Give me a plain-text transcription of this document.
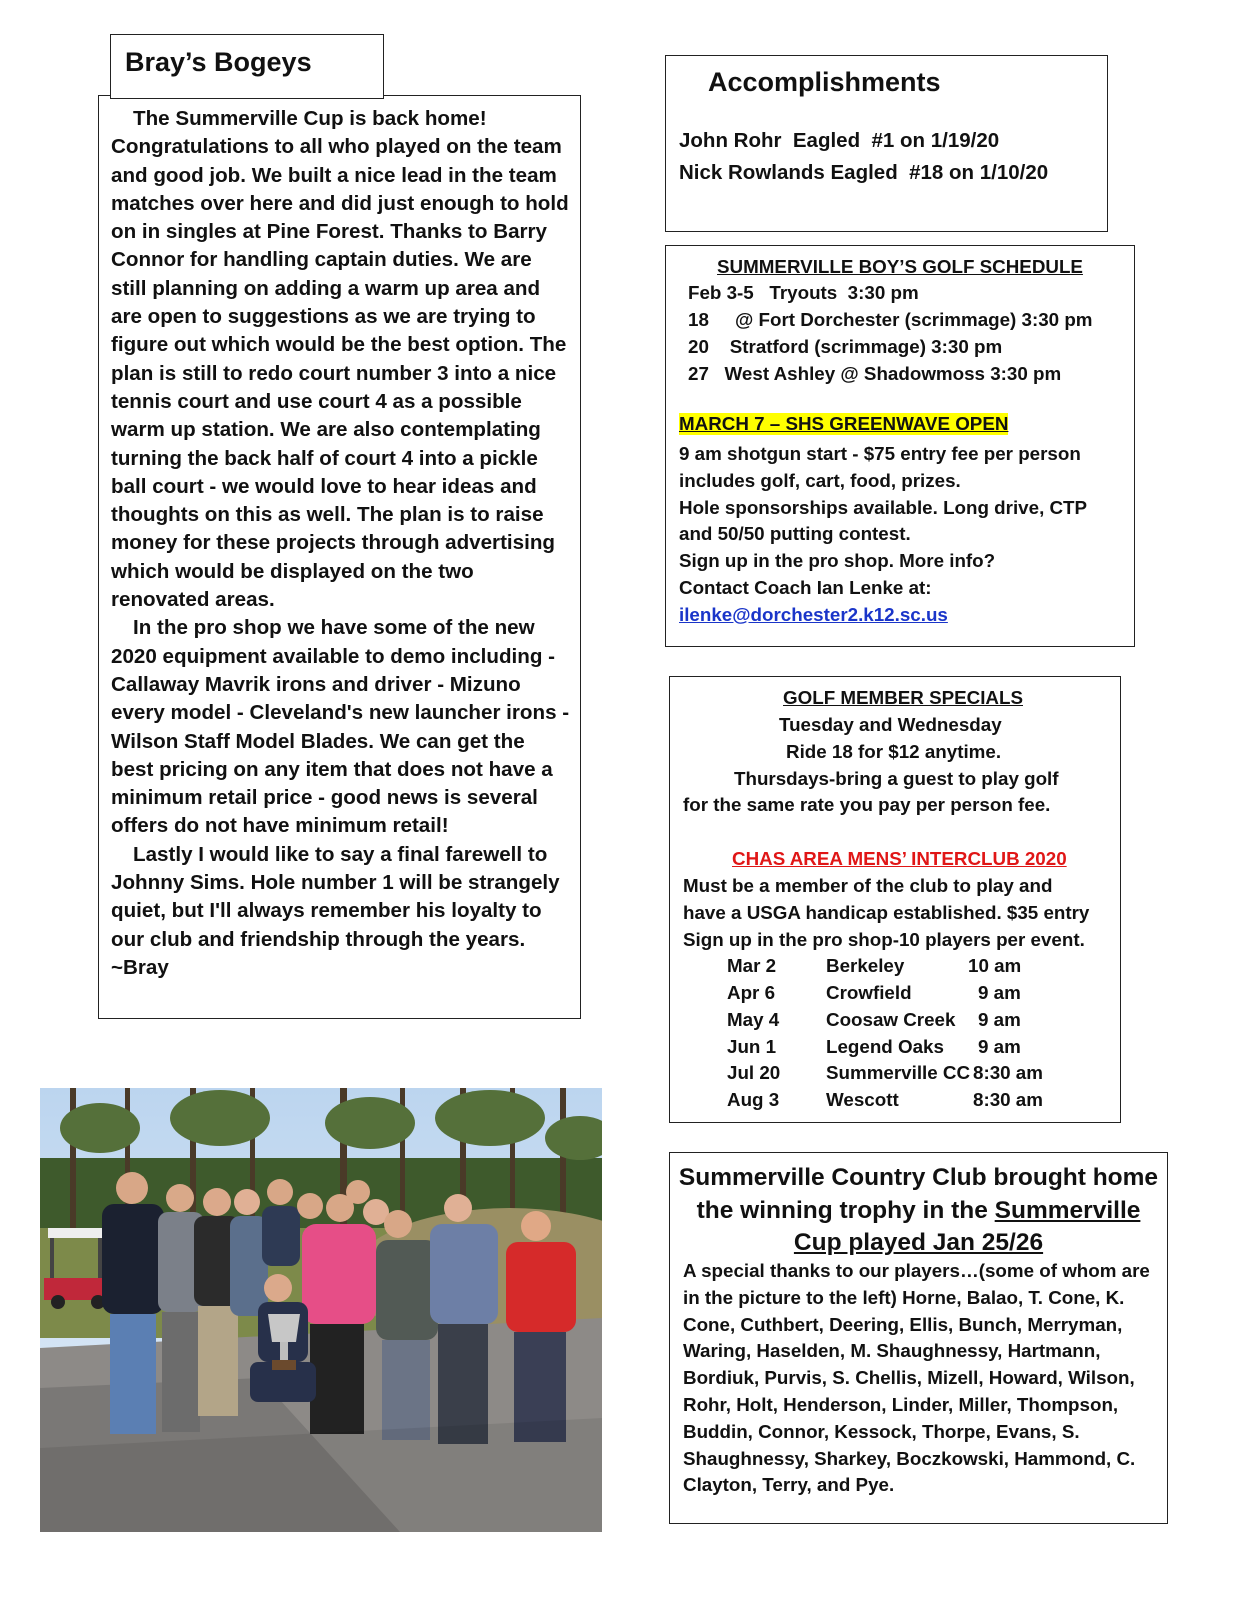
Bray’s Bogeys

The Summerville Cup is back home! Congratulations to all who played on the team and good job. We built a nice lead in the team matches over here and did just enough to hold on in singles at Pine Forest. Thanks to Barry Connor for handling captain duties. We are still planning on adding a warm up area and are open to suggestions as we are trying to figure out which would be the best option. The plan is still to redo court number 3 into a nice tennis court and use court 4 as a possible warm up station. We are also contemplating turning the back half of court 4 into a pickle ball court - we would love to hear ideas and thoughts on this as well. The plan is to raise money for these projects through advertising which would be displayed on the two renovated areas.

In the pro shop we have some of the new 2020 equipment available to demo including - Callaway Mavrik irons and driver - Mizuno every model - Cleveland's new launcher irons - Wilson Staff Model Blades. We can get the best pricing on any item that does not have a minimum retail price - good news is several offers do not have minimum retail!

Lastly I would like to say a final farewell to Johnny Sims. Hole number 1 will be strangely quiet, but I'll always remember his loyalty to our club and friendship through the years.

~Bray

Accomplishments
John Rohr  Eagled  #1 on 1/19/20
Nick Rowlands Eagled  #18 on 1/10/20
SUMMERVILLE BOY’S GOLF SCHEDULE
Feb 3-5   Tryouts  3:30 pm
18     @ Fort Dorchester (scrimmage) 3:30 pm
20    Stratford (scrimmage) 3:30 pm
27   West Ashley @ Shadowmoss 3:30 pm
MARCH 7 – SHS GREENWAVE OPEN
9 am shotgun start - $75 entry fee per person
includes golf, cart, food, prizes.
Hole sponsorships available. Long drive, CTP
and 50/50 putting contest.
Sign up in the pro shop. More info?
Contact Coach Ian Lenke at:
ilenke@dorchester2.k12.sc.us
GOLF MEMBER SPECIALS
Tuesday and Wednesday
Ride 18 for $12 anytime.
Thursdays-bring a guest to play golf
for the same rate you pay per person fee.
CHAS AREA MENS’ INTERCLUB 2020
Must be a member of the club to play and
have a USGA handicap established. $35 entry
Sign up in the pro shop-10 players per event.
Mar 2	Berkeley	10 am
Apr 6	Crowfield	9 am
May 4 Coosaw Creek 9 am
Jun 1	Legend Oaks 9 am
Jul 20 Summerville CC 8:30 am
Aug 3 Wescott	8:30 am
Summerville Country Club brought home
the winning trophy in the Summerville
Cup played Jan 25/26
A special thanks to our players…(some of whom are in the picture to the left) Horne, Balao, T. Cone, K. Cone, Cuthbert, Deering, Ellis, Bunch, Merryman, Waring, Haselden, M. Shaughnessy, Hartmann, Bordiuk, Purvis, S. Chellis, Mizell, Howard, Wilson, Rohr, Holt, Henderson, Linder, Miller, Thompson, Buddin, Connor, Kessock, Thorpe, Evans, S. Shaughnessy, Sharkey, Boczkowski, Hammond, C. Clayton, Terry, and Pye.
